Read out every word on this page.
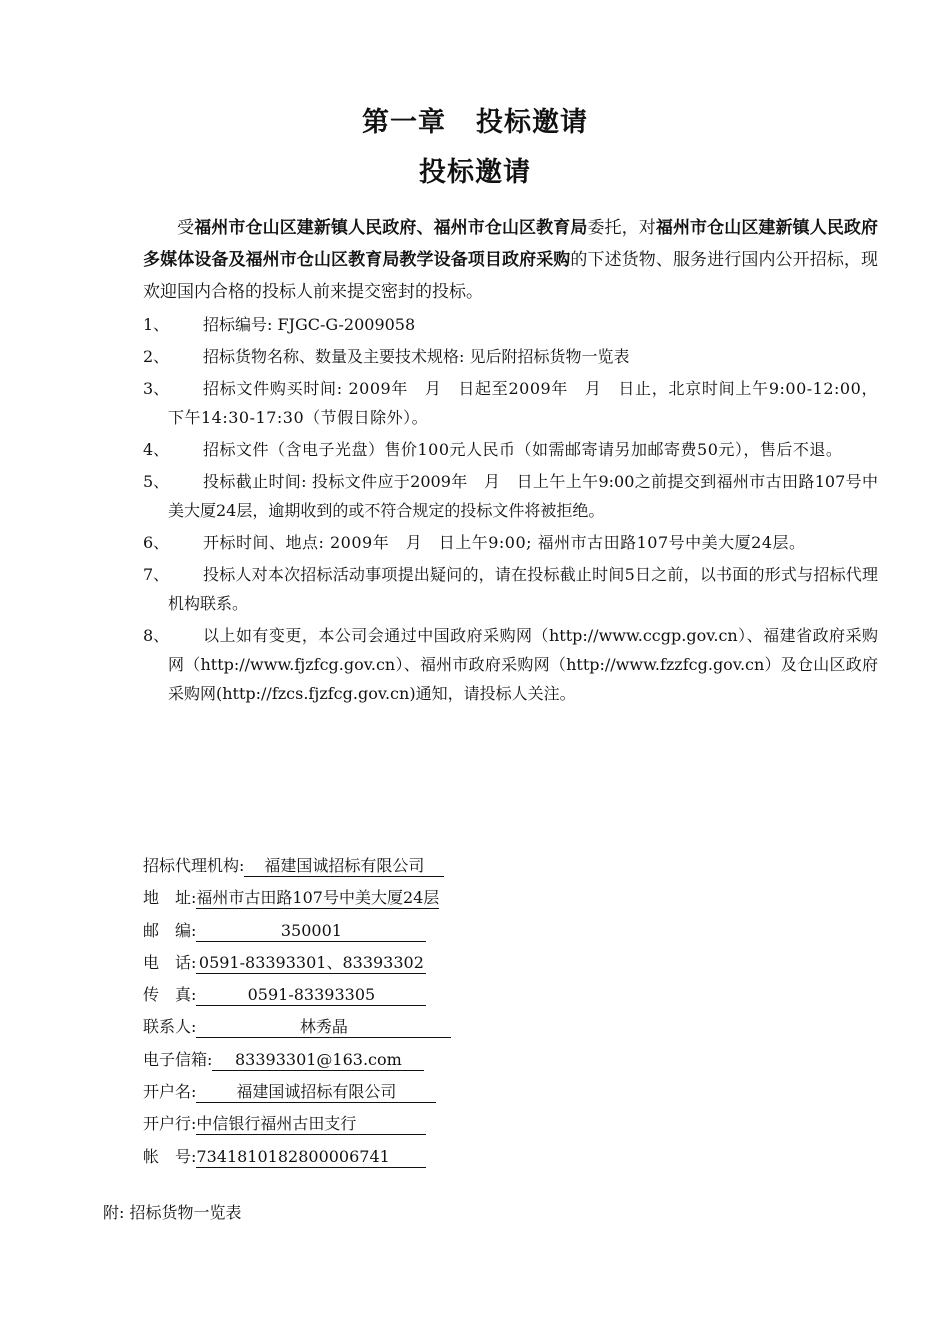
第一章 投标邀请
投标邀请
受福州市仓山区建新镇人民政府、福州市仓山区教育局委托，对福州市仓山区建新镇人民政府多媒体设备及福州市仓山区教育局教学设备项目政府采购的下述货物、服务进行国内公开招标，现欢迎国内合格的投标人前来提交密封的投标。
1、	招标编号: FJGC-G-2009058
2、	招标货物名称、数量及主要技术规格: 见后附招标货物一览表
3、	招标文件购买时间: 2009年　月　日起至2009年　月　日止，北京时间上午9:00-12:00，下午14:30-17:30（节假日除外）。
4、	招标文件（含电子光盘）售价100元人民币（如需邮寄请另加邮寄费50元），售后不退。
5、	投标截止时间: 投标文件应于2009年　月　日上午上午9:00之前提交到福州市古田路107号中美大厦24层，逾期收到的或不符合规定的投标文件将被拒绝。
6、	开标时间、地点: 2009年　月　日上午9:00; 福州市古田路107号中美大厦24层。
7、	投标人对本次招标活动事项提出疑问的，请在投标截止时间5日之前，以书面的形式与招标代理机构联系。
8、	以上如有变更，本公司会通过中国政府采购网（http://www.ccgp.gov.cn）、福建省政府采购网（http://www.fjzfcg.gov.cn）、福州市政府采购网（http://www.fzzfcg.gov.cn）及仓山区政府采购网(http://fzcs.fjzfcg.gov.cn)通知，请投标人关注。
招标代理机构:福建国诚招标有限公司
地　址:福州市古田路107号中美大厦24层
邮　编:	350001
电　话:0591-83393301、83393302
传　真:	0591-83393305
联系人:	林秀晶
电子信箱:83393301@163.com
开户名:福建国诚招标有限公司
开户行:中信银行福州古田支行
帐　号:7341810182800006741
附: 招标货物一览表
